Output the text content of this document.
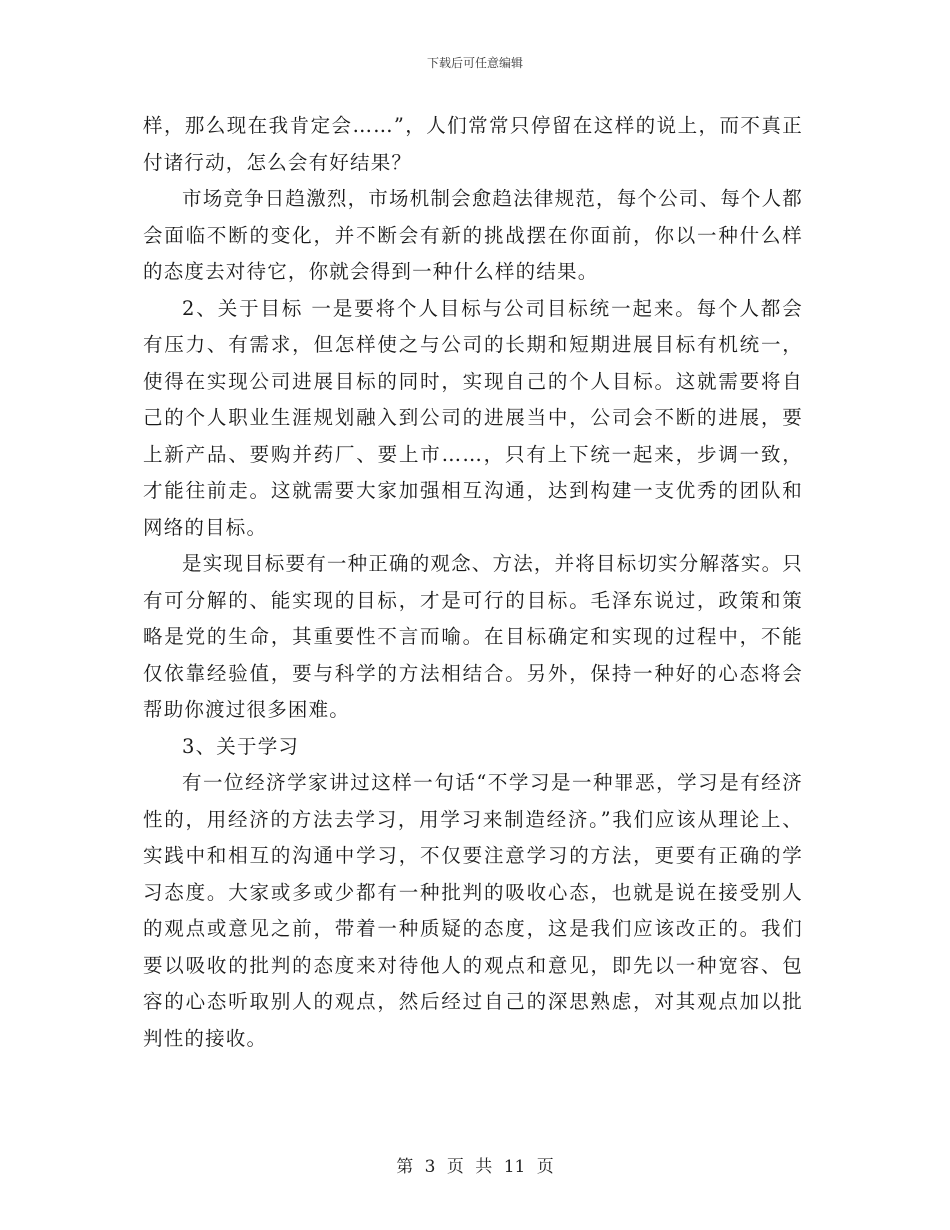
下载后可任意编辑

样，那么现在我肯定会……”，人们常常只停留在这样的说上，而不真正付诸行动，怎么会有好结果？

市场竞争日趋激烈，市场机制会愈趋法律规范，每个公司、每个人都会面临不断的变化，并不断会有新的挑战摆在你面前，你以一种什么样的态度去对待它，你就会得到一种什么样的结果。

2、关于目标 一是要将个人目标与公司目标统一起来。每个人都会有压力、有需求，但怎样使之与公司的长期和短期进展目标有机统一，使得在实现公司进展目标的同时，实现自己的个人目标。这就需要将自己的个人职业生涯规划融入到公司的进展当中，公司会不断的进展，要上新产品、要购并药厂、要上市……，只有上下统一起来，步调一致，才能往前走。这就需要大家加强相互沟通，达到构建一支优秀的团队和网络的目标。

是实现目标要有一种正确的观念、方法，并将目标切实分解落实。只有可分解的、能实现的目标，才是可行的目标。毛泽东说过，政策和策略是党的生命，其重要性不言而喻。在目标确定和实现的过程中，不能仅依靠经验值，要与科学的方法相结合。另外，保持一种好的心态将会帮助你渡过很多困难。

3、关于学习

有一位经济学家讲过这样一句话“不学习是一种罪恶，学习是有经济性的，用经济的方法去学习，用学习来制造经济。”我们应该从理论上、实践中和相互的沟通中学习，不仅要注意学习的方法，更要有正确的学习态度。大家或多或少都有一种批判的吸收心态，也就是说在接受别人的观点或意见之前，带着一种质疑的态度，这是我们应该改正的。我们要以吸收的批判的态度来对待他人的观点和意见，即先以一种宽容、包容的心态听取别人的观点，然后经过自己的深思熟虑，对其观点加以批判性的接收。

第 3 页 共 11 页
